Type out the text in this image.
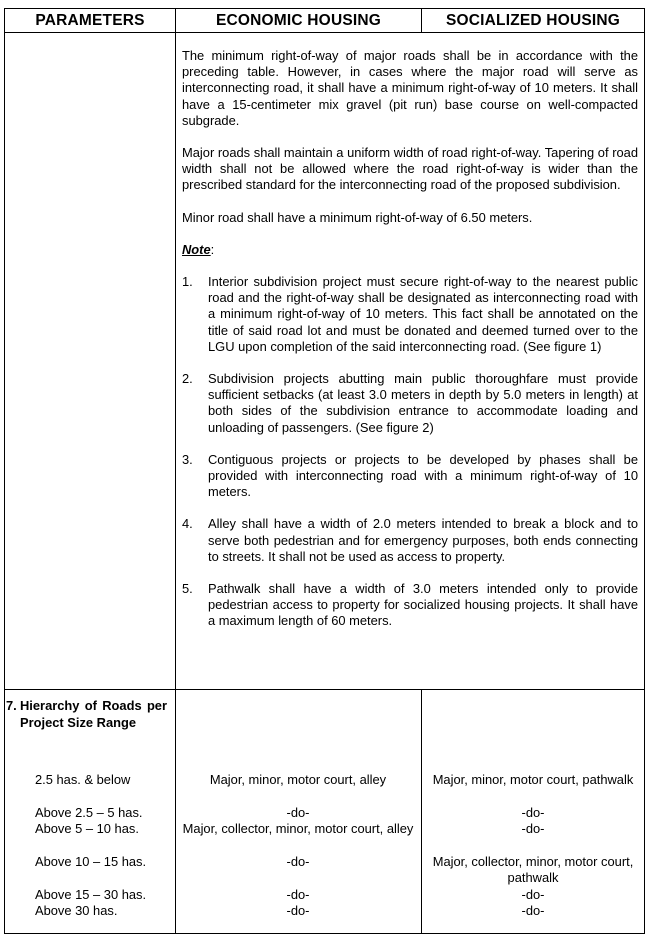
PARAMETERS	ECONOMIC HOUSING	SOCIALIZED HOUSING

The minimum right-of-way of major roads shall be in accordance with the preceding table. However, in cases where the major road will serve as interconnecting road, it shall have a minimum right-of-way of 10 meters. It shall have a 15-centimeter mix gravel (pit run) base course on well-compacted subgrade.

Major roads shall maintain a uniform width of road right-of-way. Tapering of road width shall not be allowed where the road right-of-way is wider than the prescribed standard for the interconnecting road of the proposed subdivision.

Minor road shall have a minimum right-of-way of 6.50 meters.

Note:

1. Interior subdivision project must secure right-of-way to the nearest public road and the right-of-way shall be designated as interconnecting road with a minimum right-of-way of 10 meters. This fact shall be annotated on the title of said road lot and must be donated and deemed turned over to the LGU upon completion of the said interconnecting road. (See figure 1)
2. Subdivision projects abutting main public thoroughfare must provide sufficient setbacks (at least 3.0 meters in depth by 5.0 meters in length) at both sides of the subdivision entrance to accommodate loading and unloading of passengers. (See figure 2)
3. Contiguous projects or projects to be developed by phases shall be provided with interconnecting road with a minimum right-of-way of 10 meters.
4. Alley shall have a width of 2.0 meters intended to break a block and to serve both pedestrian and for emergency purposes, both ends connecting to streets. It shall not be used as access to property.
5. Pathwalk shall have a width of 3.0 meters intended only to provide pedestrian access to property for socialized housing projects. It shall have a maximum length of 60 meters.
7. Hierarchy of Roads per Project Size Range
2.5 has. & below
Above 2.5 – 5 has.
Above 5 – 10 has.
Above 10 – 15 has.
Above 15 – 30 has.
Above 30 has.
Major, minor, motor court, alley
-do-
Major, collector, minor, motor court, alley
-do-
-do-
-do-
Major, minor, motor court, pathwalk
-do-
-do-
Major, collector, minor, motor court, pathwalk
-do-
-do-
